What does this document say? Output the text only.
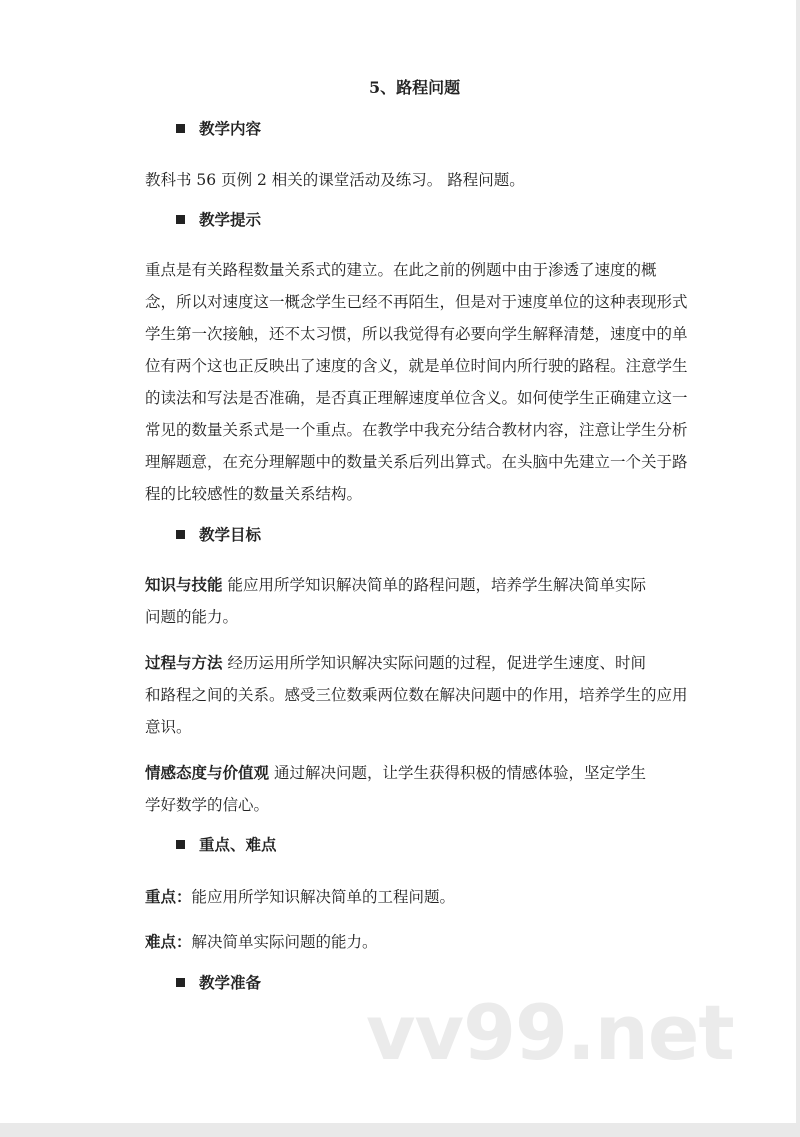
5、路程问题
教学内容
教科书 56 页例 2 相关的课堂活动及练习。 路程问题。
教学提示
重点是有关路程数量关系式的建立。在此之前的例题中由于渗透了速度的概
念，所以对速度这一概念学生已经不再陌生，但是对于速度单位的这种表现形式
学生第一次接触，还不太习惯，所以我觉得有必要向学生解释清楚，速度中的单
位有两个这也正反映出了速度的含义，就是单位时间内所行驶的路程。注意学生
的读法和写法是否准确，是否真正理解速度单位含义。如何使学生正确建立这一
常见的数量关系式是一个重点。在教学中我充分结合教材内容，注意让学生分析
理解题意，在充分理解题中的数量关系后列出算式。在头脑中先建立一个关于路
程的比较感性的数量关系结构。
教学目标
知识与技能 能应用所学知识解决简单的路程问题，培养学生解决简单实际
问题的能力。
过程与方法 经历运用所学知识解决实际问题的过程，促进学生速度、时间
和路程之间的关系。感受三位数乘两位数在解决问题中的作用，培养学生的应用
意识。
情感态度与价值观 通过解决问题，让学生获得积极的情感体验，坚定学生
学好数学的信心。
重点、难点
重点：能应用所学知识解决简单的工程问题。
难点：解决简单实际问题的能力。
教学准备
vv99.net
